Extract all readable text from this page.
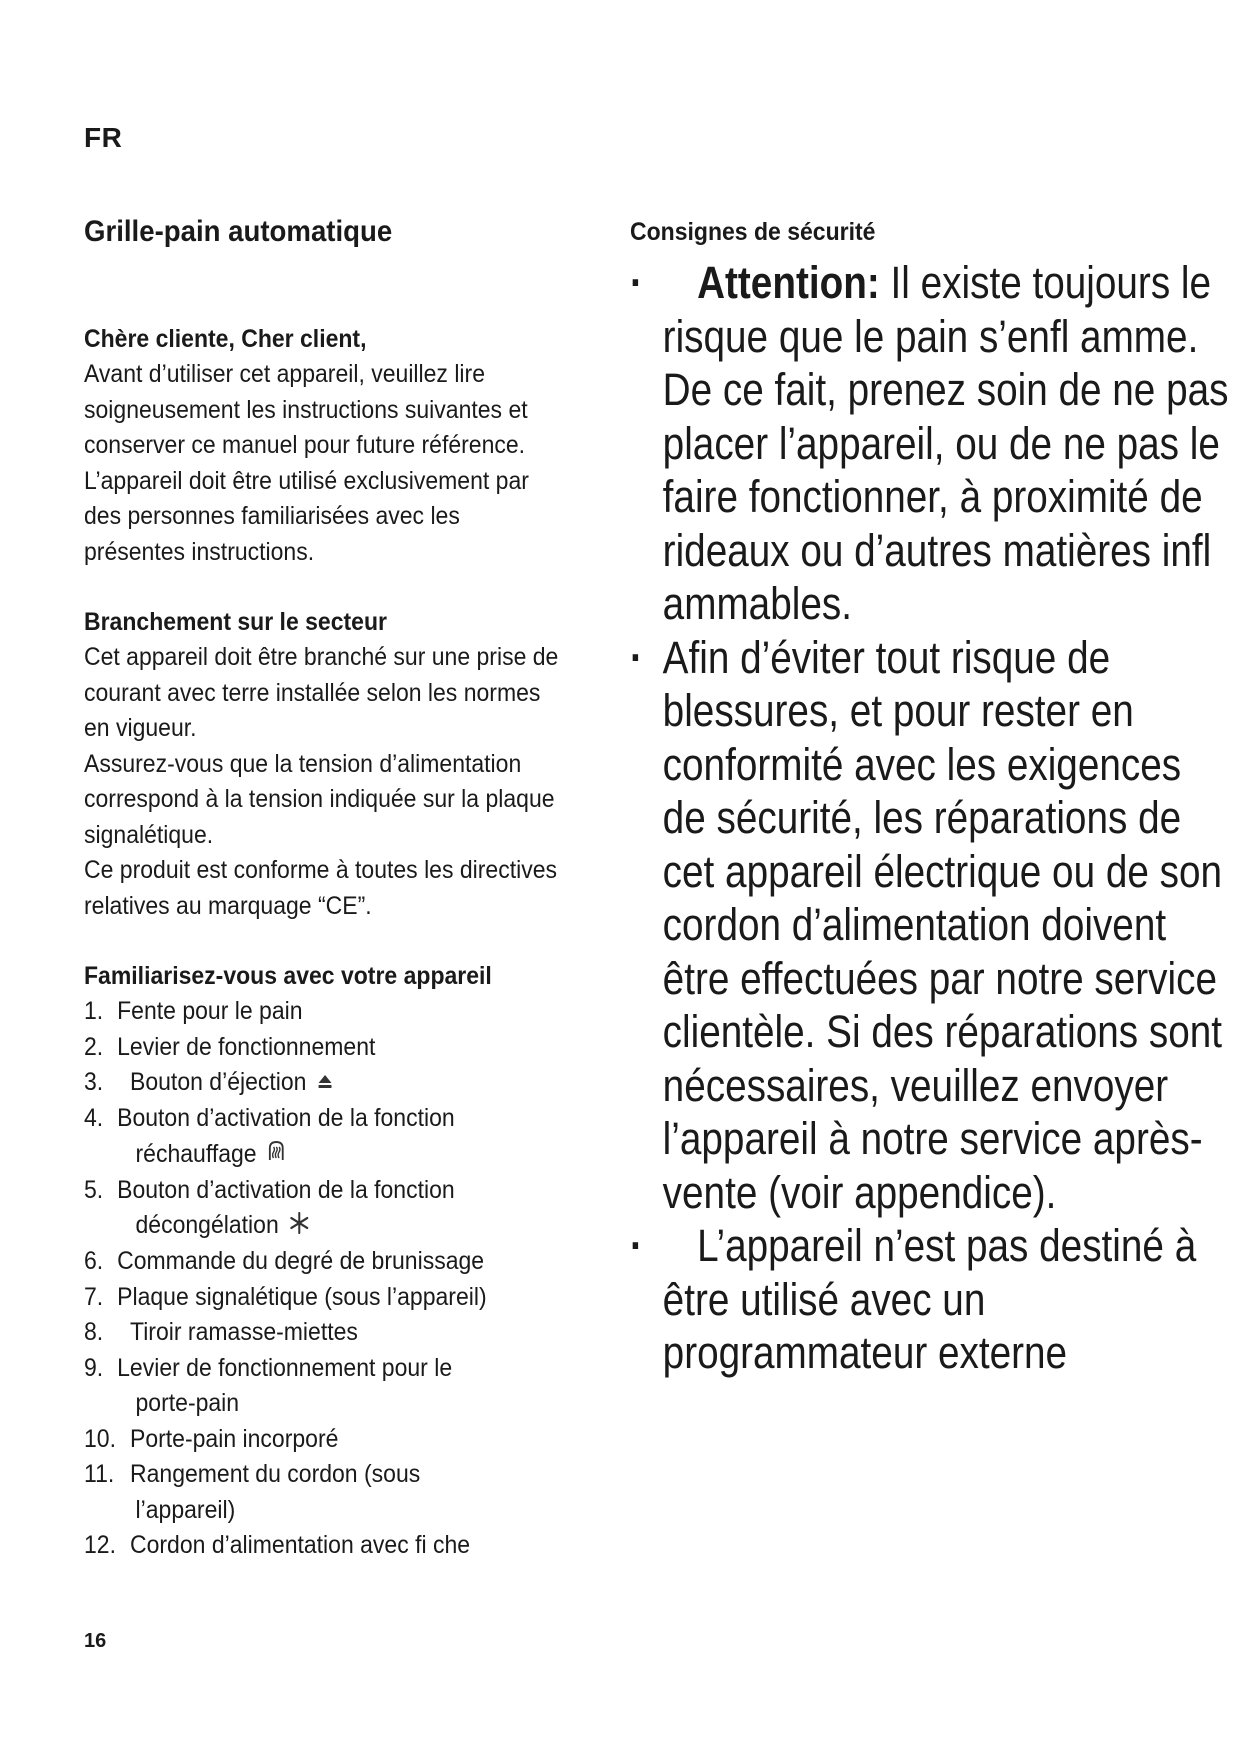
FR
Grille-pain automatique

Chère cliente, Cher client,

Avant d’utiliser cet appareil, veuillez lire soigneusement les instructions suivantes et conserver ce manuel pour future référence. L’appareil doit être utilisé exclusivement par des personnes familiarisées avec les présentes instructions.

Branchement sur le secteur

Cet appareil doit être branché sur une prise de courant avec terre installée selon les normes en vigueur.

Assurez-vous que la tension d’alimentation correspond à la tension indiquée sur la plaque signalétique.

Ce produit est conforme à toutes les directives relatives au marquage “CE”.

Familiarisez-vous avec votre appareil

1. Fente pour le pain
2. Levier de fonctionnement
3. Bouton d’éjection
4. Bouton d’activation de la fonction
réchauffage
5. Bouton d’activation de la fonction
décongélation
6. Commande du degré de brunissage
7. Plaque signalétique (sous l’appareil)
8. Tiroir ramasse-miettes
9. Levier de fonctionnement pour le
porte-pain
10. Porte-pain incorporé
11. Rangement du cordon (sous
l’appareil)
12. Cordon d’alimentation avec fi che
Consignes de sécurité

· Attention: Il existe toujours le risque que le pain s’enfl amme. De ce fait, prenez soin de ne pas placer l’appareil, ou de ne pas le faire fonctionner, à proximité de rideaux ou d’autres matières infl ammables.

· Afin d’éviter tout risque de blessures, et pour rester en conformité avec les exigences de sécurité, les réparations de cet appareil électrique ou de son cordon d’alimentation doivent être effectuées par notre service clientèle. Si des réparations sont nécessaires, veuillez envoyer l’appareil à notre service après-vente (voir appendice).

· L’appareil n’est pas destiné à être utilisé avec un programmateur externe

16
